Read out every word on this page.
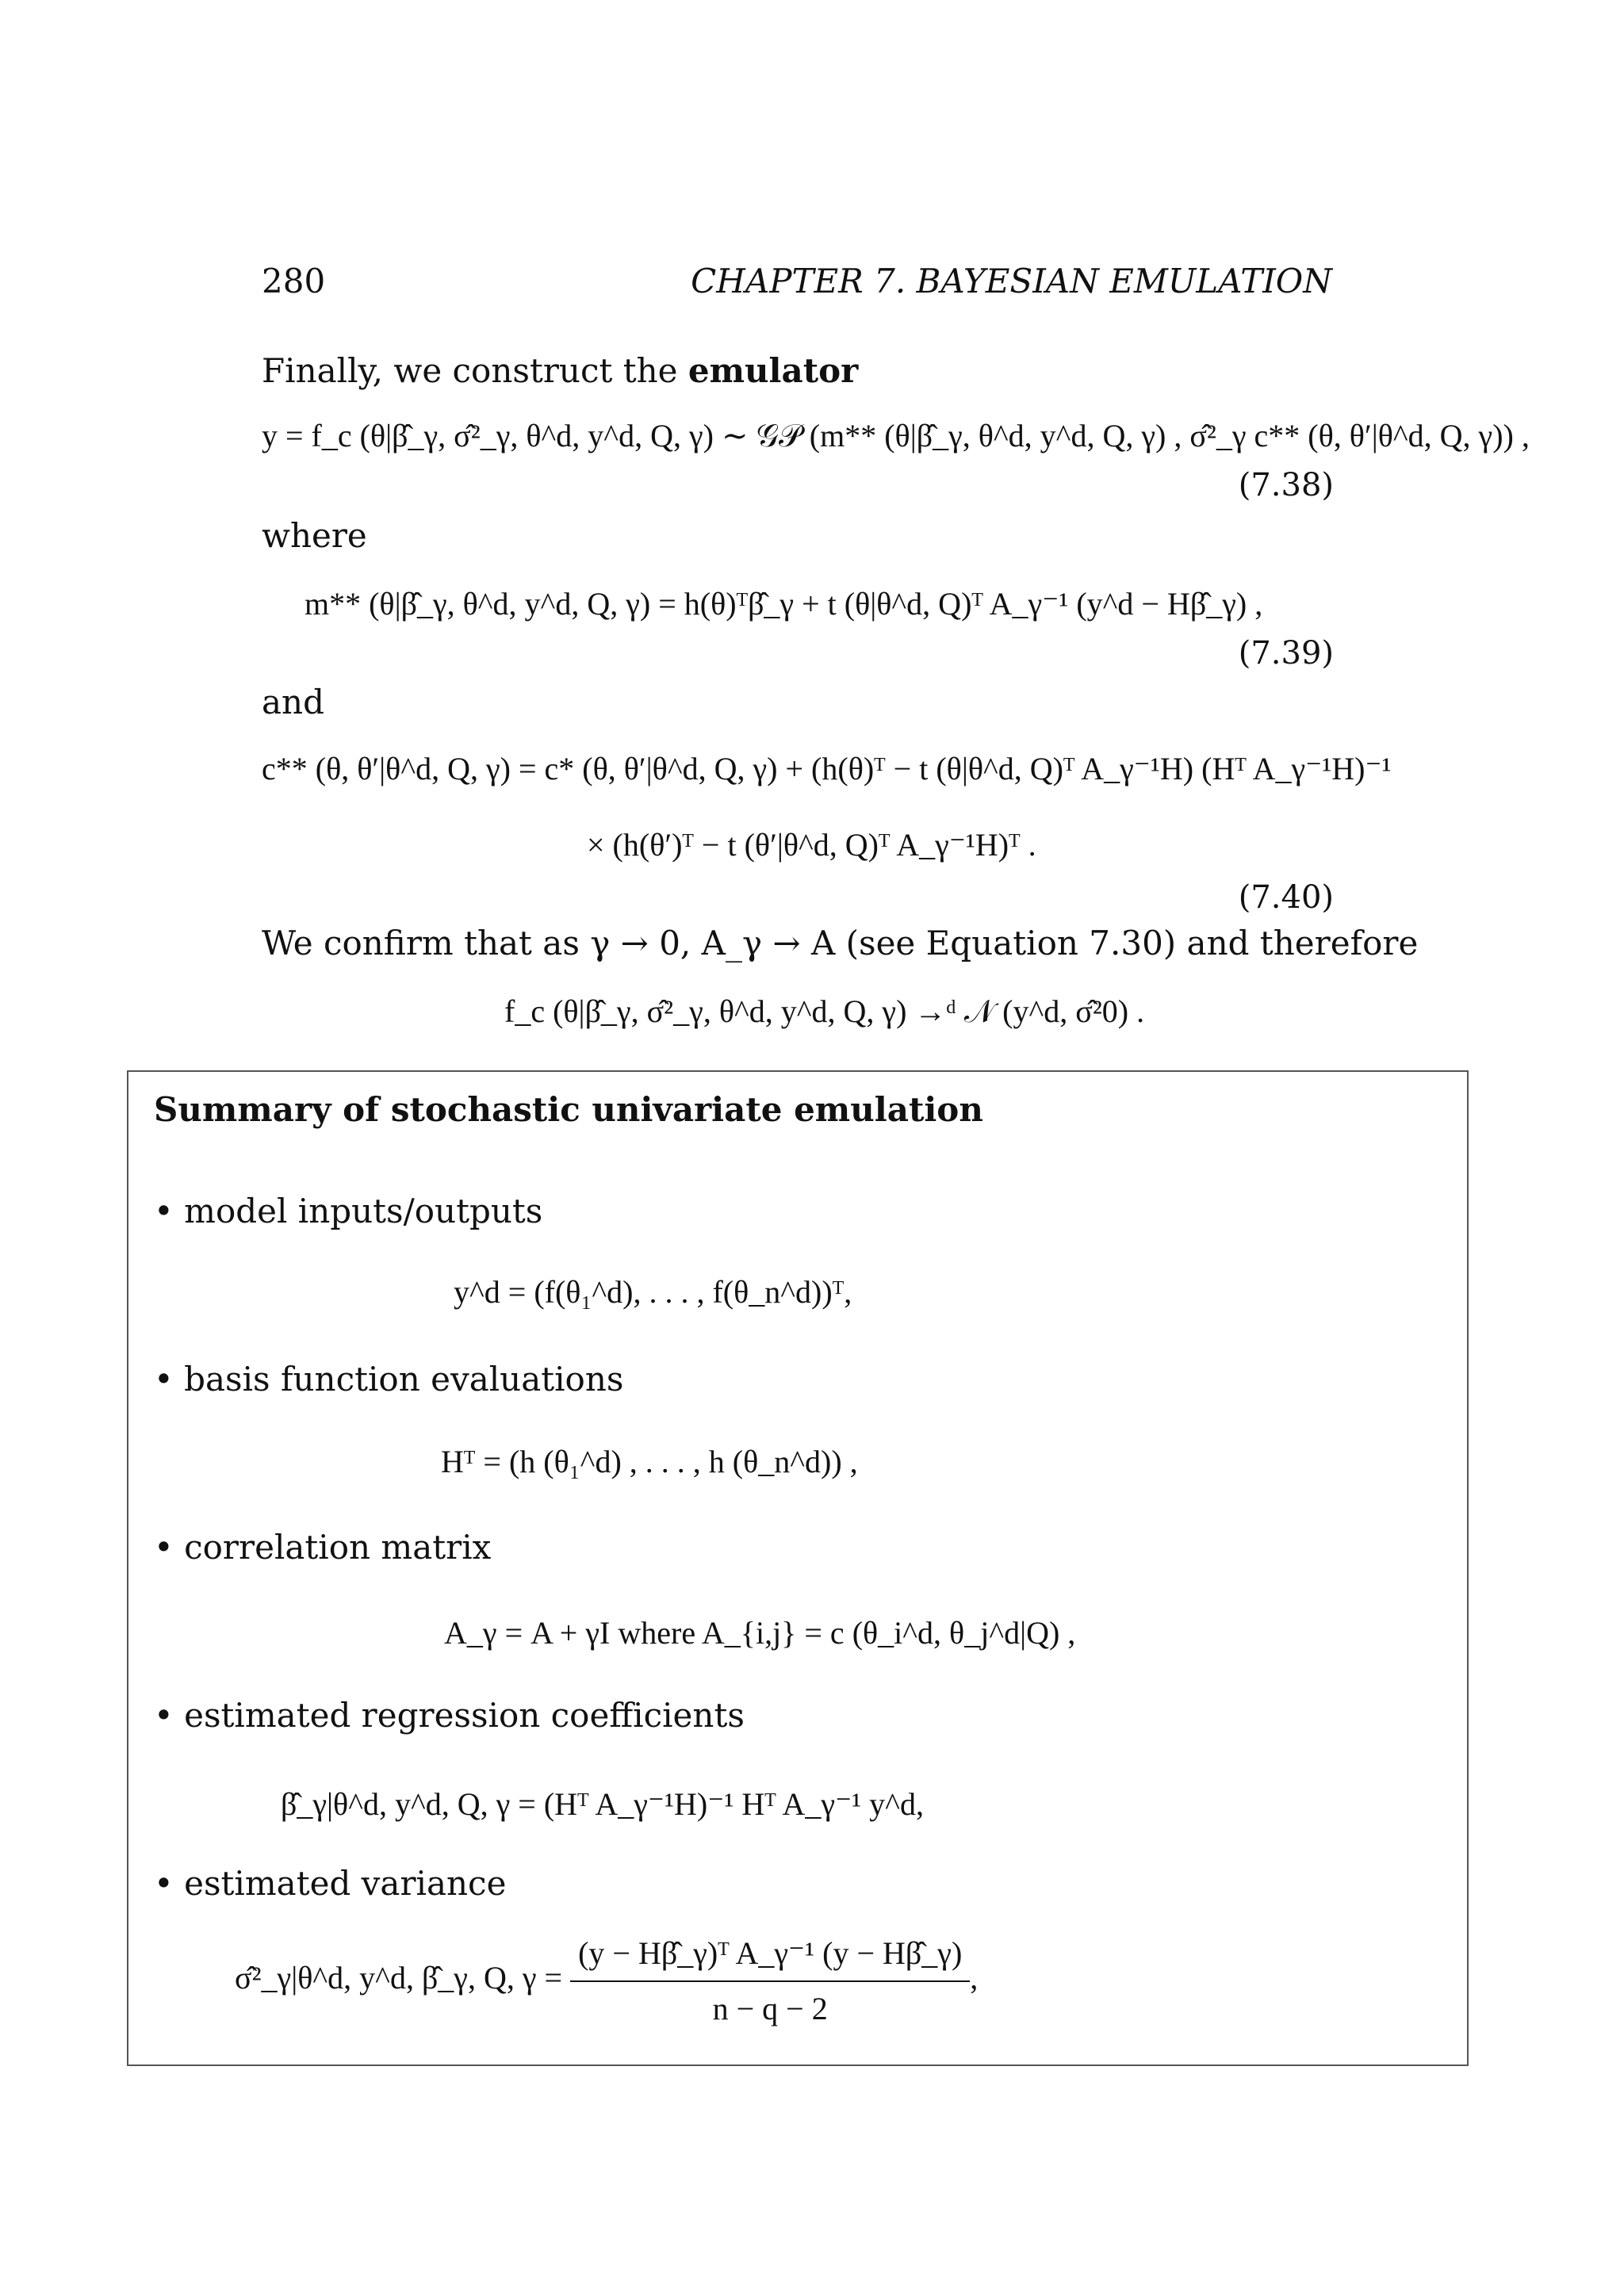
280	CHAPTER 7. BAYESIAN EMULATION
Finally, we construct the emulator
y = f_c (θ|β̂_γ, σ̂²_γ, θ^d, y^d, Q, γ) ∼ 𝒢𝒫 (m** (θ|β̂_γ, θ^d, y^d, Q, γ) , σ̂²_γ c** (θ, θ′|θ^d, Q, γ)) ,
(7.38)
where
m** (θ|β̂_γ, θ^d, y^d, Q, γ) = h(θ)ᵀβ̂_γ + t (θ|θ^d, Q)ᵀ A_γ⁻¹ (y^d − Hβ̂_γ) ,
(7.39)
and
c** (θ, θ′|θ^d, Q, γ) = c* (θ, θ′|θ^d, Q, γ) + (h(θ)ᵀ − t (θ|θ^d, Q)ᵀ A_γ⁻¹H) (Hᵀ A_γ⁻¹H)⁻¹
× (h(θ′)ᵀ − t (θ′|θ^d, Q)ᵀ A_γ⁻¹H)ᵀ .
(7.40)
We confirm that as γ → 0, A_γ → A (see Equation 7.30) and therefore
f_c (θ|β̂_γ, σ̂²_γ, θ^d, y^d, Q, γ) →ᵈ 𝒩 (y^d, σ̂²0) .
Summary of stochastic univariate emulation
• model inputs/outputs
y^d = (f(θ₁^d), . . . , f(θ_n^d))ᵀ,
• basis function evaluations
Hᵀ = (h (θ₁^d) , . . . , h (θ_n^d)) ,
• correlation matrix
A_γ = A + γI where A_{i,j} = c (θ_i^d, θ_j^d|Q) ,
• estimated regression coefficients
β̂_γ|θ^d, y^d, Q, γ = (Hᵀ A_γ⁻¹H)⁻¹ Hᵀ A_γ⁻¹ y^d,
• estimated variance
σ̂²_γ|θ^d, y^d, β̂_γ, Q, $\gamma = \frac{\text{(y − Hβ̂\_γ)ᵀ A\_γ⁻¹ (y − Hβ̂\_γ)}}{n - q - 2}$ ,
